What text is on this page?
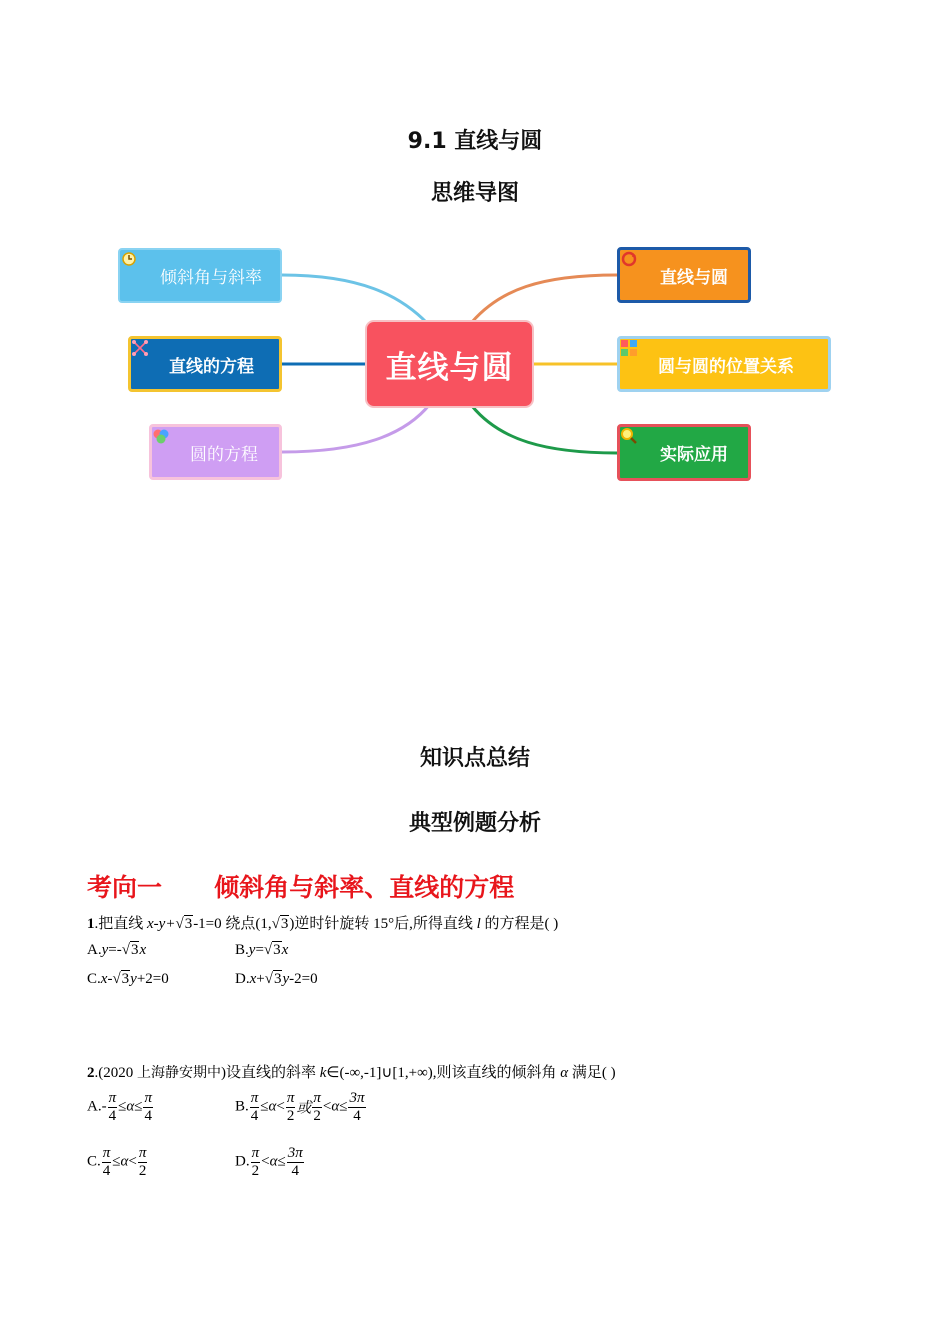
9.1 直线与圆
思维导图
直线与圆
倾斜角与斜率
直线的方程
圆的方程
直线与圆
圆与圆的位置关系
实际应用
知识点总结
典型例题分析
考向一      倾斜角与斜率、直线的方程
1.把直线 x-y+√3-1=0 绕点(1,√3)逆时针旋转 15°后,所得直线 l 的方程是( )
A.y=-√3x	B.y=√3x
C.x-√3y+2=0	D.x+√3y-2=0
2.(2020 上海静安期中)设直线的斜率 k∈(-∞,-1]∪[1,+∞),则该直线的倾斜角 α 满足( )
$A.- \frac{\pi}{4} \le\alpha\le \frac{\pi}{4}$	B. $\frac{\pi}{4} \le\alpha< \frac{\pi}{2}$ 或 $\frac{\pi}{2} <\alpha\le \frac{3\pi}{4}$
C. $\frac{\pi}{4} \le\alpha< \frac{\pi}{2}$	D. $\frac{\pi}{2} <\alpha\le \frac{3\pi}{4}$
